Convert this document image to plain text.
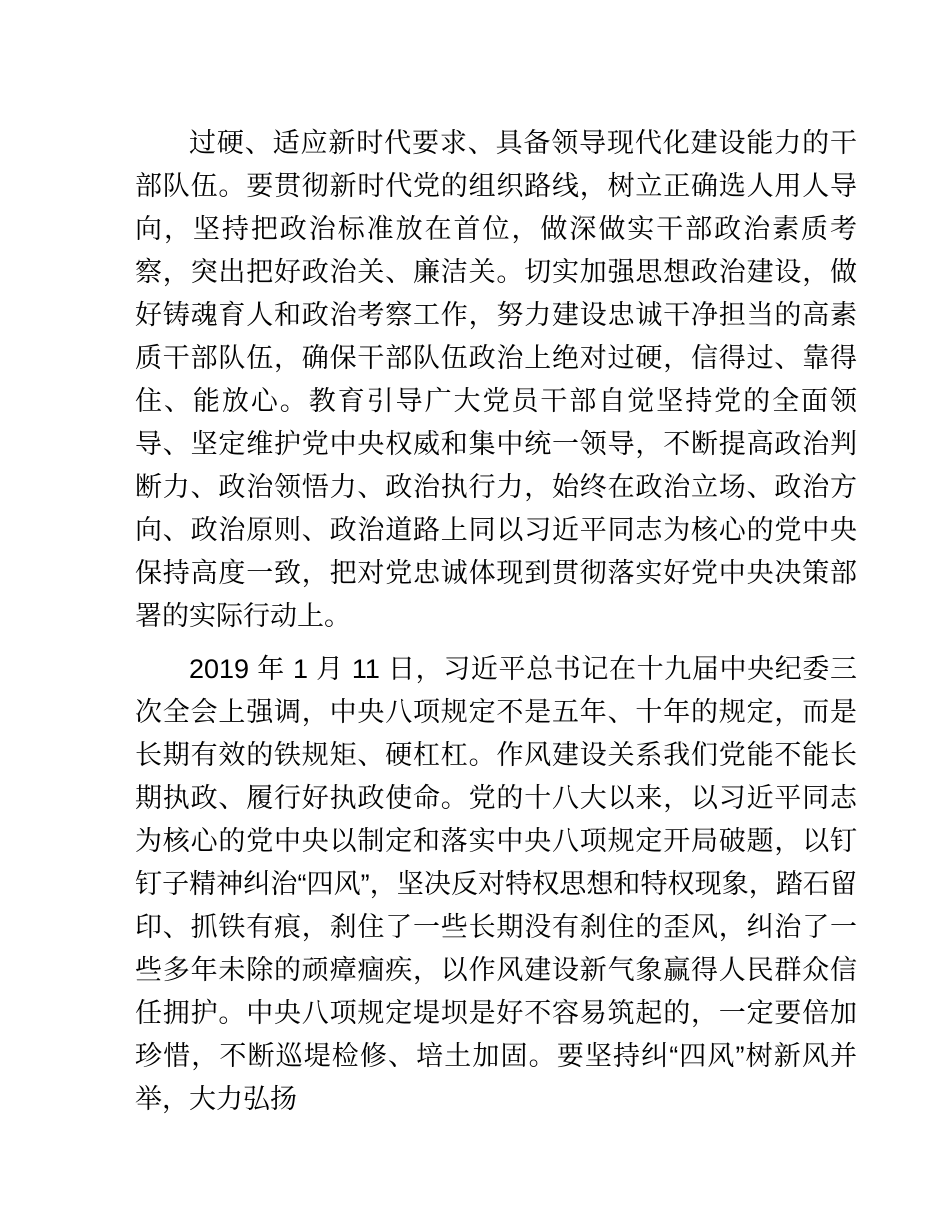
过硬、适应新时代要求、具备领导现代化建设能力的干部队伍。要贯彻新时代党的组织路线，树立正确选人用人导向，坚持把政治标准放在首位，做深做实干部政治素质考察，突出把好政治关、廉洁关。切实加强思想政治建设，做好铸魂育人和政治考察工作，努力建设忠诚干净担当的高素质干部队伍，确保干部队伍政治上绝对过硬，信得过、靠得住、能放心。教育引导广大党员干部自觉坚持党的全面领导、坚定维护党中央权威和集中统一领导，不断提高政治判断力、政治领悟力、政治执行力，始终在政治立场、政治方向、政治原则、政治道路上同以习近平同志为核心的党中央保持高度一致，把对党忠诚体现到贯彻落实好党中央决策部署的实际行动上。

2019 年 1 月 11 日，习近平总书记在十九届中央纪委三次全会上强调，中央八项规定不是五年、十年的规定，而是长期有效的铁规矩、硬杠杠。作风建设关系我们党能不能长期执政、履行好执政使命。党的十八大以来，以习近平同志为核心的党中央以制定和落实中央八项规定开局破题，以钉钉子精神纠治“四风”，坚决反对特权思想和特权现象，踏石留印、抓铁有痕，刹住了一些长期没有刹住的歪风，纠治了一些多年未除的顽瘴痼疾，以作风建设新气象赢得人民群众信任拥护。中央八项规定堤坝是好不容易筑起的，一定要倍加珍惜，不断巡堤检修、培土加固。要坚持纠“四风”树新风并举，大力弘扬
